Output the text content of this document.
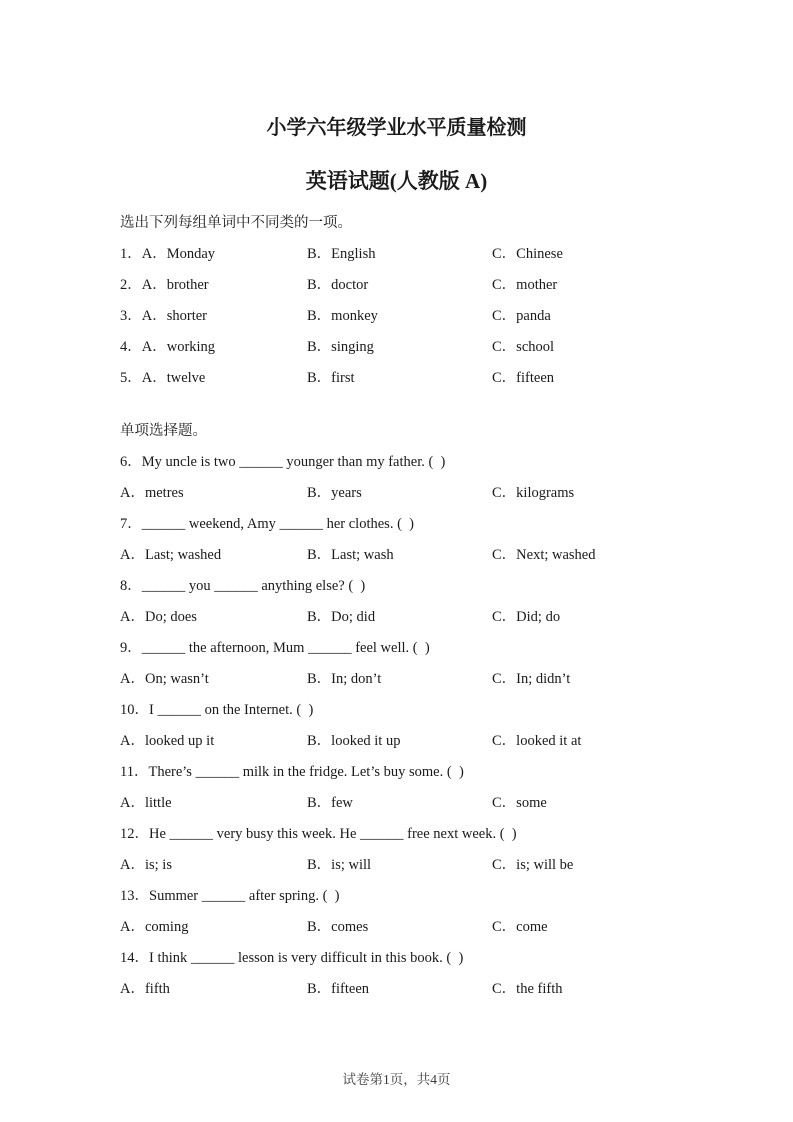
小学六年级学业水平质量检测
英语试题(人教版 A)

选出下列每组单词中不同类的一项。

1．A．Monday	B．English	C．Chinese
2．A．brother	B．doctor	C．mother
3．A．shorter	B．monkey	C．panda
4．A．working	B．singing	C．school
5．A．twelve	B．first	C．fifteen

单项选择题。

6．My uncle is two ______ younger than my father. (  )

A．metres	B．years	C．kilograms

7．______ weekend, Amy ______ her clothes. (  )

A．Last; washed	B．Last; wash	C．Next; washed

8．______ you ______ anything else? (  )

A．Do; does	B．Do; did	C．Did; do

9．______ the afternoon, Mum ______ feel well. (  )

A．On; wasn’t	B．In; don’t	C．In; didn’t

10．I ______ on the Internet. (  )

A．looked up it	B．looked it up	C．looked it at

11．There’s ______ milk in the fridge. Let’s buy some. (  )

A．little	B．few	C．some

12．He ______ very busy this week. He ______ free next week. (  )

A．is; is	B．is; will	C．is; will be

13．Summer ______ after spring. (  )

A．coming	B．comes	C．come

14．I think ______ lesson is very difficult in this book. (  )

A．fifth	B．fifteen	C．the fifth
试卷第1页，共4页
